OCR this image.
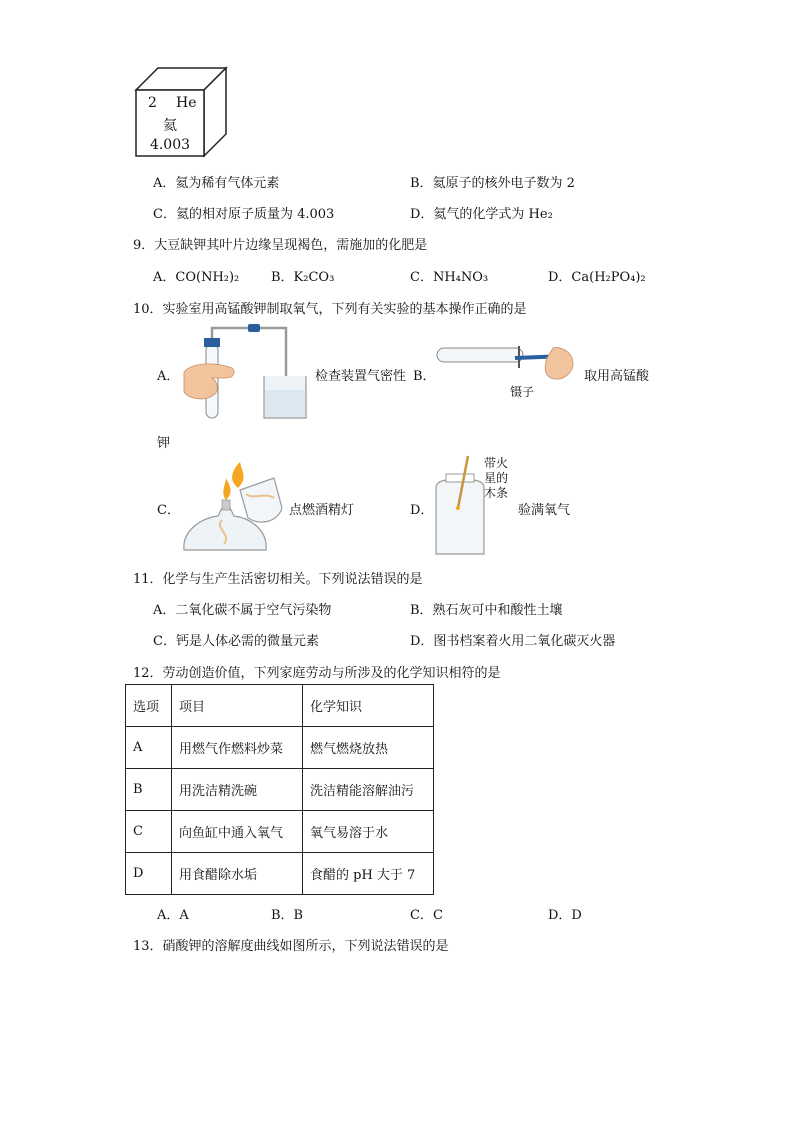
2 He
氦
4.003
A．氦为稀有气体元素	B．氦原子的核外电子数为 2
C．氦的相对原子质量为 4.003	D．氦气的化学式为 He₂
9．大豆缺钾其叶片边缘呈现褐色，需施加的化肥是
A．CO(NH₂)₂ B．K₂CO₃	C．NH₄NO₃	D．Ca(H₂PO₄)₂
10．实验室用高锰酸钾制取氧气，下列有关实验的基本操作正确的是
A．	检查装置气密性 B．
镊子
取用高锰酸
钾
C．	点燃酒精灯	D．
带火
星的
木条
验满氧气
11．化学与生产生活密切相关。下列说法错误的是
A．二氧化碳不属于空气污染物	B．熟石灰可中和酸性土壤
C．钙是人体必需的微量元素	D．图书档案着火用二氧化碳灭火器
12．劳动创造价值，下列家庭劳动与所涉及的化学知识相符的是
选项	项目	化学知识
A	用燃气作燃料炒菜	燃气燃烧放热
B	用洗洁精洗碗	洗洁精能溶解油污
C	向鱼缸中通入氧气	氧气易溶于水
D	用食醋除水垢	食醋的 pH 大于 7
A．A	B．B	C．C	D．D
13．硝酸钾的溶解度曲线如图所示，下列说法错误的是
